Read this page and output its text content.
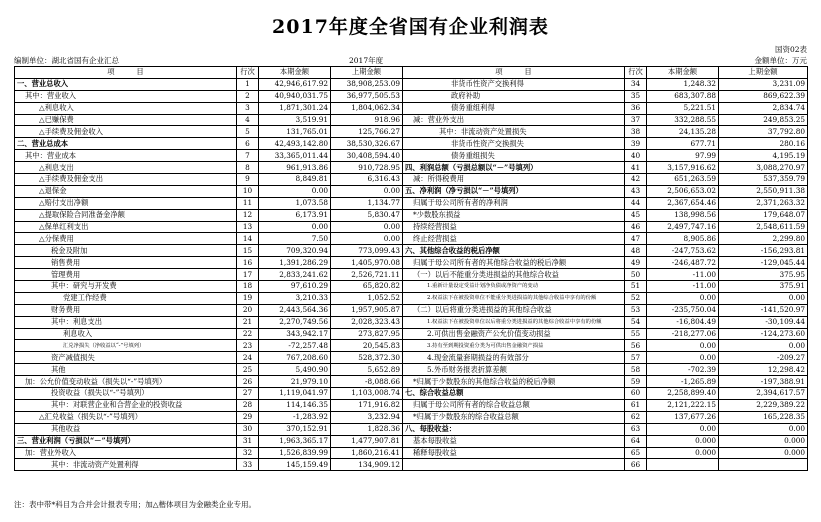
2017年度全省国有企业利润表
国资02表
编制单位：湖北省国有企业汇总	2017年度	金额单位：万元
项　　　目	行次	本期金额	上期金额	项　　　目	行次	本期金额	上期金额
一、营业总收入	1	42,946,617.92	38,908,253.09	非货币性资产交换利得	34	1,248.32	3,231.09
其中：营业收入	2	40,940,031.75	36,977,505.53	政府补助	35	683,307.88	869,622.39
△利息收入	3	1,871,301.24	1,804,062.34	债务重组利得	36	5,221.51	2,834.74
△已赚保费	4	3,519.91	918.96	减：营业外支出	37	332,288.55	249,853.25
△手续费及佣金收入	5	131,765.01	125,766.27	其中：非流动资产处置损失	38	24,135.28	37,792.80
二、营业总成本	6	42,493,142.80	38,530,326.67	非货币性资产交换损失	39	677.71	280.16
其中：营业成本	7	33,365,011.44	30,408,594.40	债务重组损失	40	97.99	4,195.19
△利息支出	8	961,913.86	910,728.95	四、利润总额（亏损总额以“－”号填列）	41	3,157,916.62	3,088,270.97
△手续费及佣金支出	9	8,849.81	6,316.43	减：所得税费用	42	651,263.59	537,359.79
△退保金	10	0.00	0.00	五、净利润（净亏损以“－”号填列）	43	2,506,653.02	2,550,911.38
△赔付支出净额	11	1,073.58	1,134.77	归属于母公司所有者的净利润	44	2,367,654.46	2,371,263.32
△提取保险合同准备金净额	12	6,173.91	5,830.47	*少数股东损益	45	138,998.56	179,648.07
△保单红利支出	13	0.00	0.00	持续经营损益	46	2,497,747.16	2,548,611.59
△分保费用	14	7.50	0.00	终止经营损益	47	8,905.86	2,299.80
税金及附加	15	709,320.94	773,099.43	六、其他综合收益的税后净额	48	-247,753.62	-156,293.81
销售费用	16	1,391,286.29	1,405,970.08	归属于母公司所有者的其他综合收益的税后净额	49	-246,487.72	-129,045.44
管理费用	17	2,833,241.62	2,526,721.11	（一）以后不能重分类进损益的其他综合收益	50	-11.00	375.95
其中：研究与开发费	18	97,610.29	65,820.82	1.重新计量设定受益计划净负债或净资产的变动	51	-11.00	375.91
党建工作经费	19	3,210.33	1,052.52	2.权益法下在被投资单位不能重分类进损益的其他综合收益中享有的份额	52	0.00	0.00
财务费用	20	2,443,564.36	1,957,905.87	（二）以后将重分类进损益的其他综合收益	53	-235,750.04	-141,520.97
其中：利息支出	21	2,270,749.56	2,028,323.43	1.权益法下在被投资单位以后将重分类进损益的其他综合收益中享有的份额	54	-16,804.49	-30,109.44
利息收入	22	343,942.17	273,827.95	2.可供出售金融资产公允价值变动损益	55	-218,277.06	-124,273.60
汇兑净损失（净收益以“-”号填列）	23	-72,257.48	20,545.83	3.持有至到期投资重分类为可供出售金融资产损益	56	0.00	0.00
资产减值损失	24	767,208.60	528,372.30	4.现金流量套期损益的有效部分	57	0.00	-209.27
其他	25	5,490.90	5,652.89	5.外币财务报表折算差额	58	-702.39	12,298.42
加：公允价值变动收益（损失以“-”号填列）	26	21,979.10	-8,088.66	*归属于少数股东的其他综合收益的税后净额	59	-1,265.89	-197,388.91
投资收益（损失以“-”号填列）	27	1,119,041.97	1,103,008.74	七、综合收益总额	60	2,258,899.40	2,394,617.57
其中：对联营企业和合营企业的投资收益	28	114,146.35	171,916.82	归属于母公司所有者的综合收益总额	61	2,121,222.15	2,229,389.22
△汇兑收益（损失以“-”号填列）	29	-1,283.92	3,232.94	*归属于少数股东的综合收益总额	62	137,677.26	165,228.35
其他收益	30	370,152.91	1,828.36	八、每股收益：	63	0.00	0.00
三、营业利润（亏损以“－”号填列）	31	1,963,365.17	1,477,907.81	基本每股收益	64	0.000	0.000
加：营业外收入	32	1,526,839.99	1,860,216.41	稀释每股收益	65	0.000	0.000
其中：非流动资产处置利得	33	145,159.49	134,909.12		66		
注：表中带*科目为合并会计报表专用；加△楷体项目为金融类企业专用。
